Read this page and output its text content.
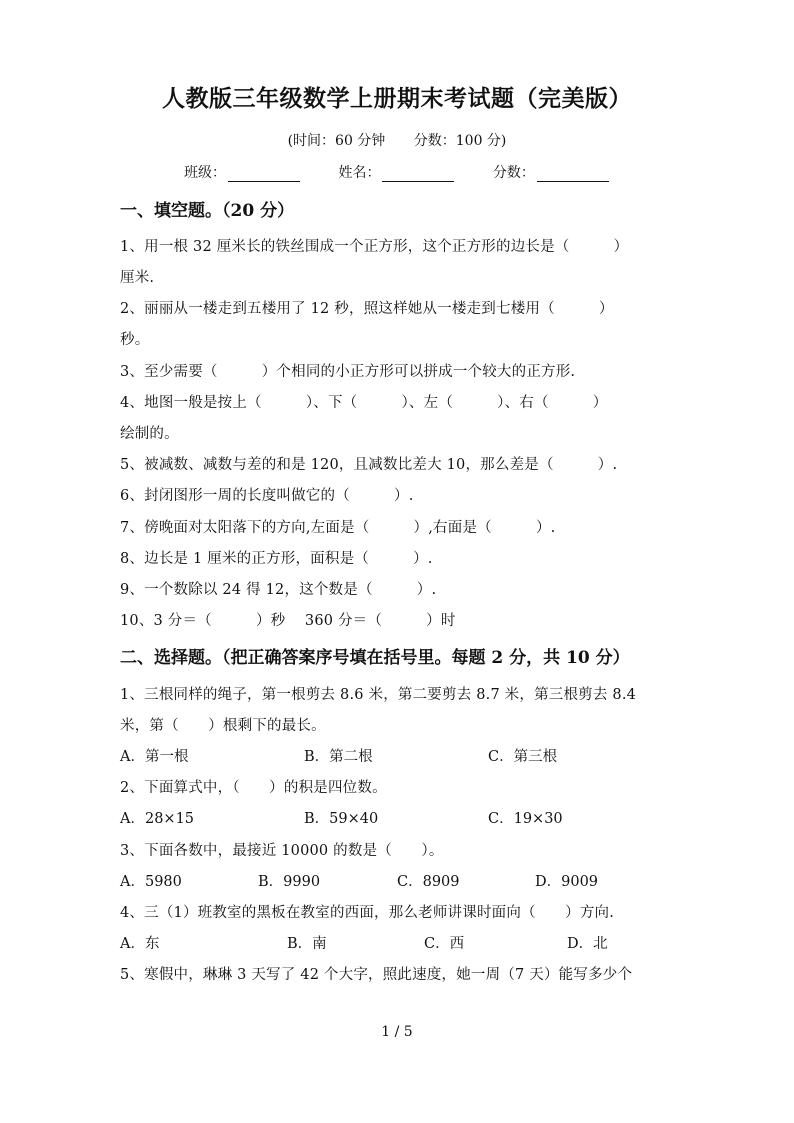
人教版三年级数学上册期末考试题（完美版）
(时间：60 分钟 分数：100 分)
班级：	姓名：	分数：
一、填空题。（20 分）
1、用一根 32 厘米长的铁丝围成一个正方形，这个正方形的边长是（　　　）
厘米.
2、丽丽从一楼走到五楼用了 12 秒，照这样她从一楼走到七楼用（　　　）
秒。
3、至少需要（　　　）个相同的小正方形可以拼成一个较大的正方形.
4、地图一般是按上（　　　）、下（　　　）、左（　　　）、右（　　　）
绘制的。
5、被减数、减数与差的和是 120，且减数比差大 10，那么差是（　　　）.
6、封闭图形一周的长度叫做它的（　　　）.
7、傍晚面对太阳落下的方向,左面是（　　　）,右面是（　　　）.
8、边长是 1 厘米的正方形，面积是（　　　）.
9、一个数除以 24 得 12，这个数是（　　　）.
10、3 分＝（　　　）秒　 360 分＝（　　　）时
二、选择题。（把正确答案序号填在括号里。每题 2 分，共 10 分）
1、三根同样的绳子，第一根剪去 8.6 米，第二要剪去 8.7 米，第三根剪去 8.4
米，第（　　）根剩下的最长。
A．第一根	B．第二根	C．第三根
2、下面算式中，（　　）的积是四位数。
A．28×15	B．59×40	C．19×30
3、下面各数中，最接近 10000 的数是（　　）。
A．5980	B．9990	C．8909	D．9009
4、三（1）班教室的黑板在教室的西面，那么老师讲课时面向（　　）方向.
A．东	B．南	C．西	D．北
5、寒假中，琳琳 3 天写了 42 个大字，照此速度，她一周（7 天）能写多少个
1 / 5
